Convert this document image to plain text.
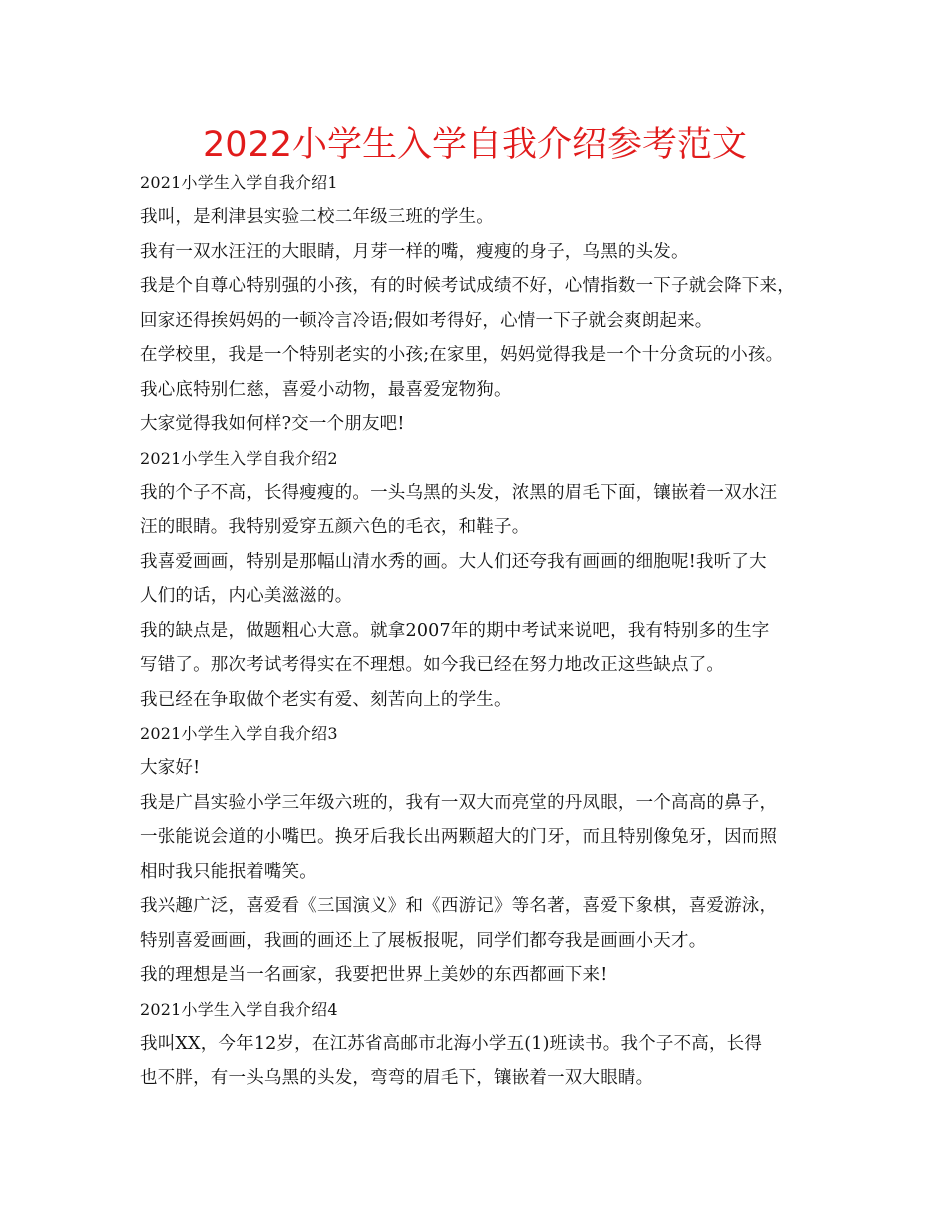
2022小学生入学自我介绍参考范文
2021小学生入学自我介绍1
我叫，是利津县实验二校二年级三班的学生。
我有一双水汪汪的大眼睛，月芽一样的嘴，瘦瘦的身子，乌黑的头发。
我是个自尊心特别强的小孩，有的时候考试成绩不好，心情指数一下子就会降下来，
回家还得挨妈妈的一顿冷言冷语;假如考得好，心情一下子就会爽朗起来。
在学校里，我是一个特别老实的小孩;在家里，妈妈觉得我是一个十分贪玩的小孩。
我心底特别仁慈，喜爱小动物，最喜爱宠物狗。
大家觉得我如何样?交一个朋友吧!
2021小学生入学自我介绍2
我的个子不高，长得瘦瘦的。一头乌黑的头发，浓黑的眉毛下面，镶嵌着一双水汪
汪的眼睛。我特别爱穿五颜六色的毛衣，和鞋子。
我喜爱画画，特别是那幅山清水秀的画。大人们还夸我有画画的细胞呢!我听了大
人们的话，内心美滋滋的。
我的缺点是，做题粗心大意。就拿2007年的期中考试来说吧，我有特别多的生字
写错了。那次考试考得实在不理想。如今我已经在努力地改正这些缺点了。
我已经在争取做个老实有爱、刻苦向上的学生。
2021小学生入学自我介绍3
大家好!
我是广昌实验小学三年级六班的，我有一双大而亮堂的丹凤眼，一个高高的鼻子，
一张能说会道的小嘴巴。换牙后我长出两颗超大的门牙，而且特别像兔牙，因而照
相时我只能抿着嘴笑。
我兴趣广泛，喜爱看《三国演义》和《西游记》等名著，喜爱下象棋，喜爱游泳，
特别喜爱画画，我画的画还上了展板报呢，同学们都夸我是画画小天才。
我的理想是当一名画家，我要把世界上美妙的东西都画下来!
2021小学生入学自我介绍4
我叫XX，今年12岁，在江苏省高邮市北海小学五(1)班读书。我个子不高，长得
也不胖，有一头乌黑的头发，弯弯的眉毛下，镶嵌着一双大眼睛。
